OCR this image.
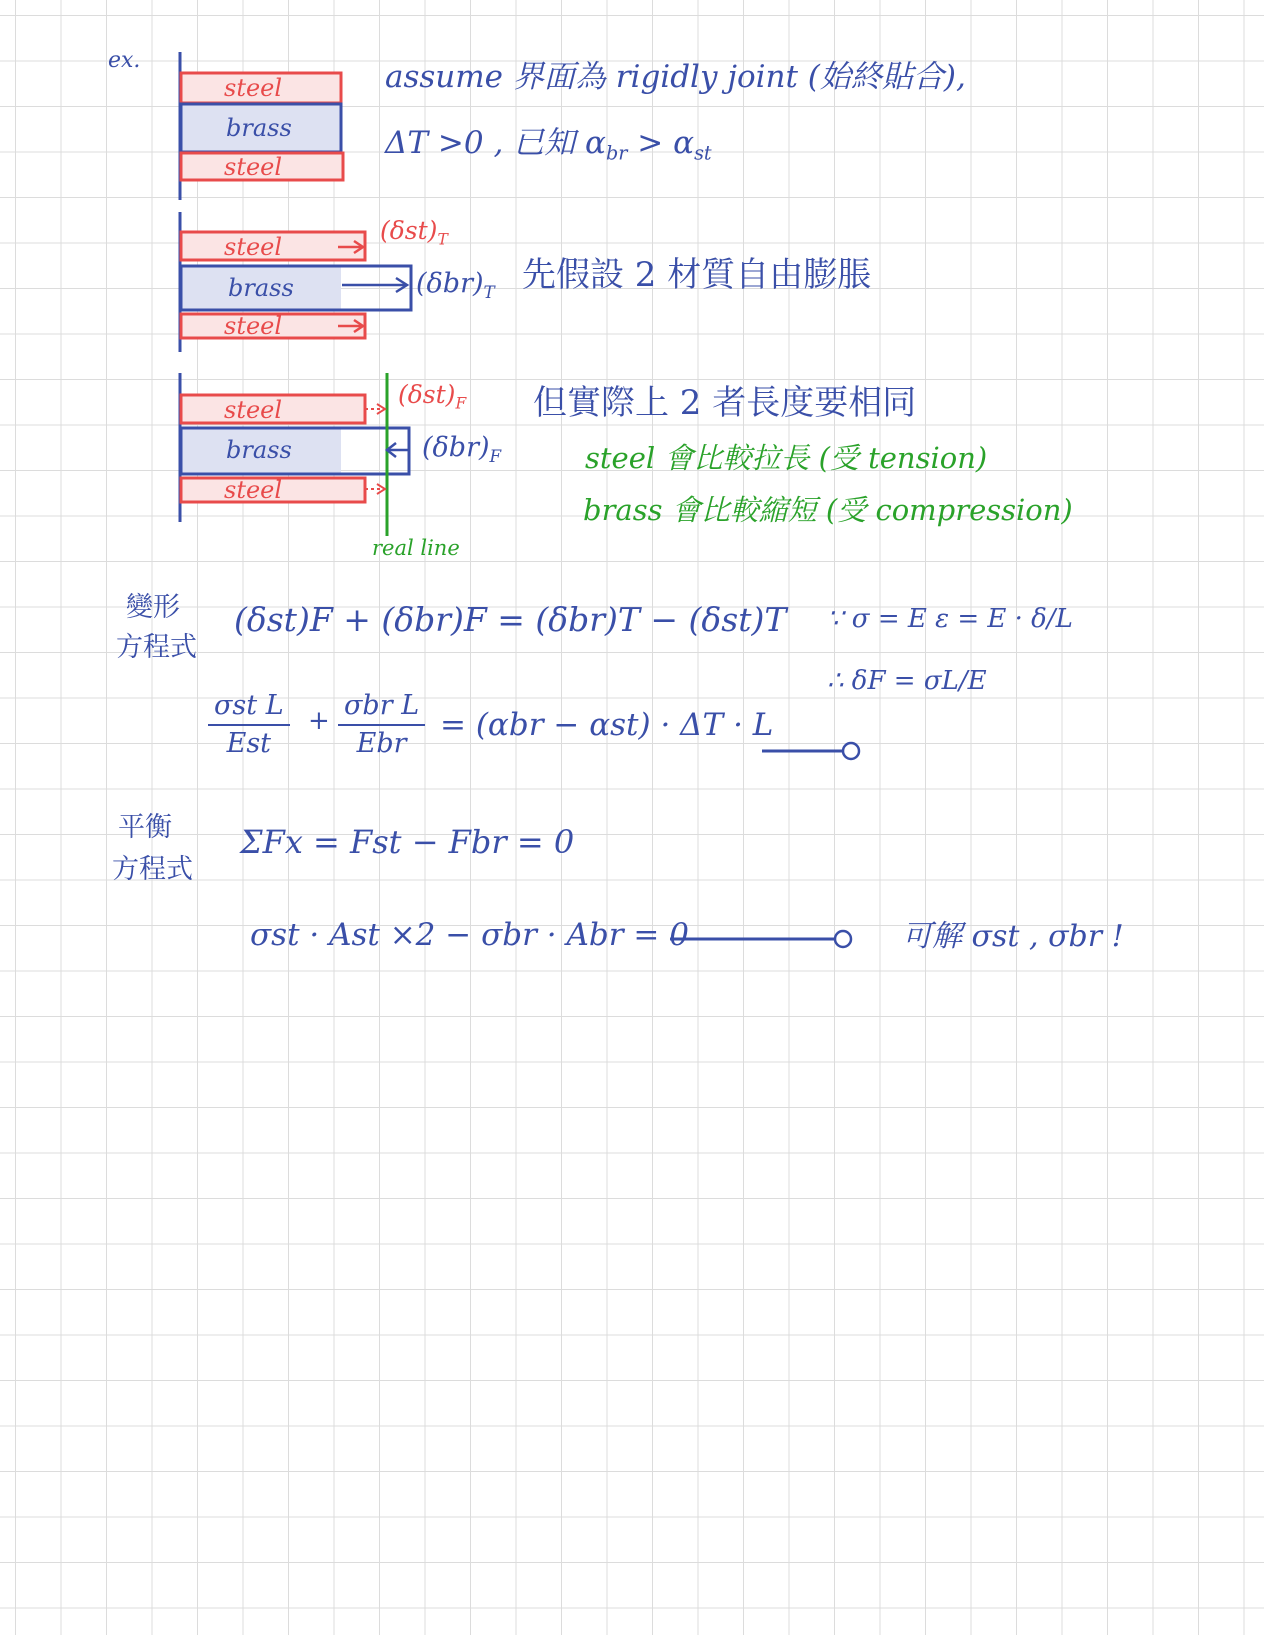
ex.
steel
brass
steel
steel
brass
steel
steel
brass
steel
assume 界面為 rigidly joint (始終貼合),
ΔT >0 , 已知 $\alpha_{br} > \alpha_{st}$
$(\delta st)_T$
$(\delta br)_T$ 先假設 2 材質自由膨脹
$(\delta st)_F$
$(\delta br)_F$
但實際上 2 者長度要相同
steel 會比較拉長 (受 tension)
brass 會比較縮短 (受 compression)
real line
變形
方程式
(δst)F + (δbr)F = (δbr)T − (δst)T ∵ σ = E ε = E · δ/L
∴ δF = σL/E
σst L
Est
+ σbr L
Ebr
= (αbr − αst) · ΔT · L
平衡
方程式
ΣFx = Fst − Fbr = 0
σst · Ast ×2 − σbr · Abr = 0	可解 σst , σbr !
